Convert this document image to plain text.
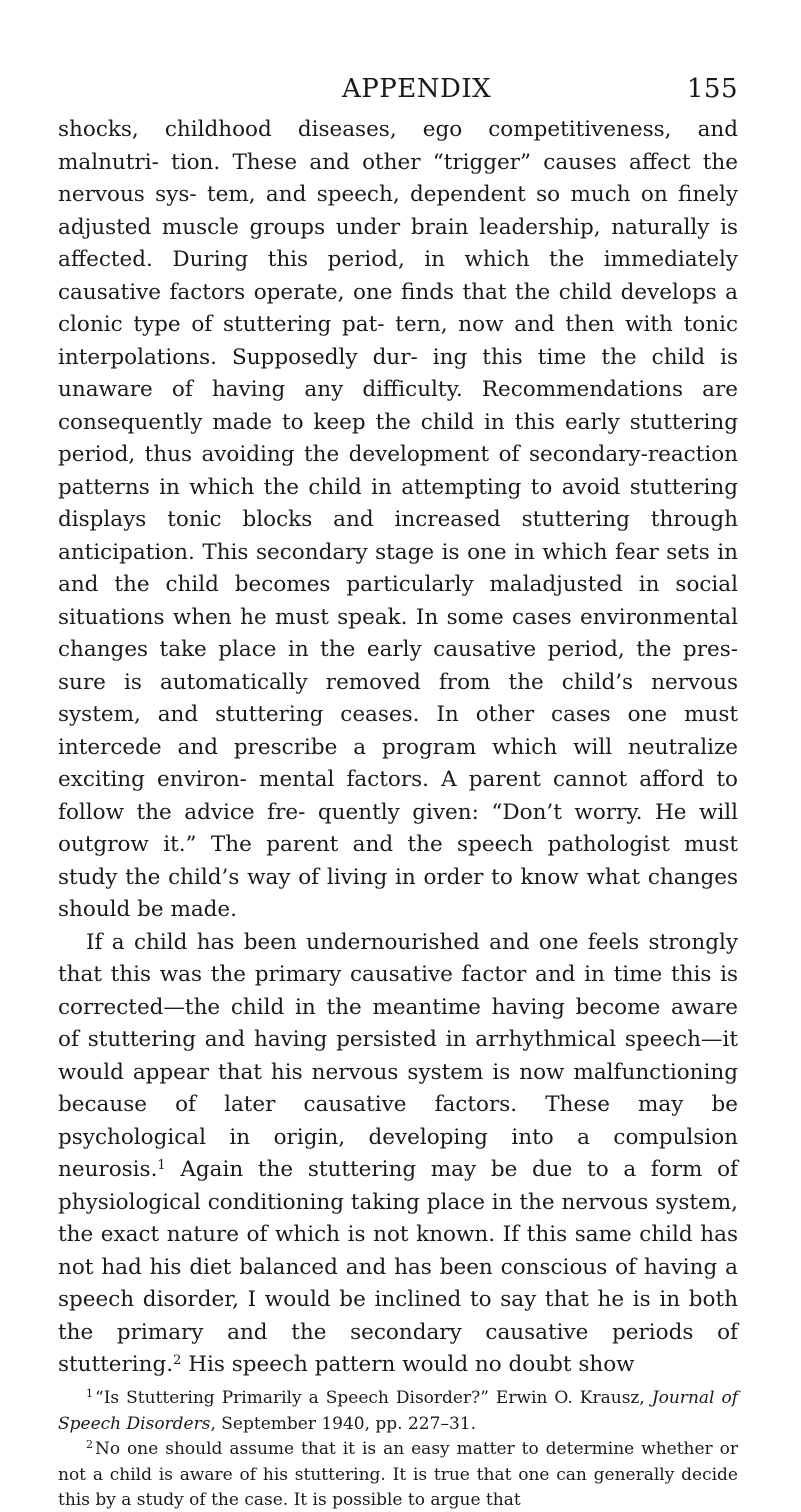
APPENDIX	155

shocks, childhood diseases, ego competitiveness, and malnutri- tion. These and other “trigger” causes affect the nervous sys- tem, and speech, dependent so much on finely adjusted muscle groups under brain leadership, naturally is affected. During this period, in which the immediately causative factors operate, one finds that the child develops a clonic type of stuttering pat- tern, now and then with tonic interpolations. Supposedly dur- ing this time the child is unaware of having any difficulty. Recommendations are consequently made to keep the child in this early stuttering period, thus avoiding the development of secondary-reaction patterns in which the child in attempting to avoid stuttering displays tonic blocks and increased stuttering through anticipation. This secondary stage is one in which fear sets in and the child becomes particularly maladjusted in social situations when he must speak. In some cases environmental changes take place in the early causative period, the pres- sure is automatically removed from the child’s nervous system, and stuttering ceases. In other cases one must intercede and prescribe a program which will neutralize exciting environ- mental factors. A parent cannot afford to follow the advice fre- quently given: “Don’t worry. He will outgrow it.” The parent and the speech pathologist must study the child’s way of living in order to know what changes should be made.

If a child has been undernourished and one feels strongly that this was the primary causative factor and in time this is corrected—the child in the meantime having become aware of stuttering and having persisted in arrhythmical speech—it would appear that his nervous system is now malfunctioning because of later causative factors. These may be psychological in origin, developing into a compulsion neurosis.$^1$ Again the stuttering may be due to a form of physiological conditioning taking place in the nervous system, the exact nature of which is not known. If this same child has not had his diet balanced and has been conscious of having a speech disorder, I would be inclined to say that he is in both the primary and the secondary causative periods of stuttering.$^2$ His speech pattern would no doubt show

$^1$ “Is Stuttering Primarily a Speech Disorder?” Erwin O. Krausz, Journal of Speech Disorders, September 1940, pp. 227–31.

$^2$ No one should assume that it is an easy matter to determine whether or not a child is aware of his stuttering. It is true that one can generally decide this by a study of the case. It is possible to argue that
